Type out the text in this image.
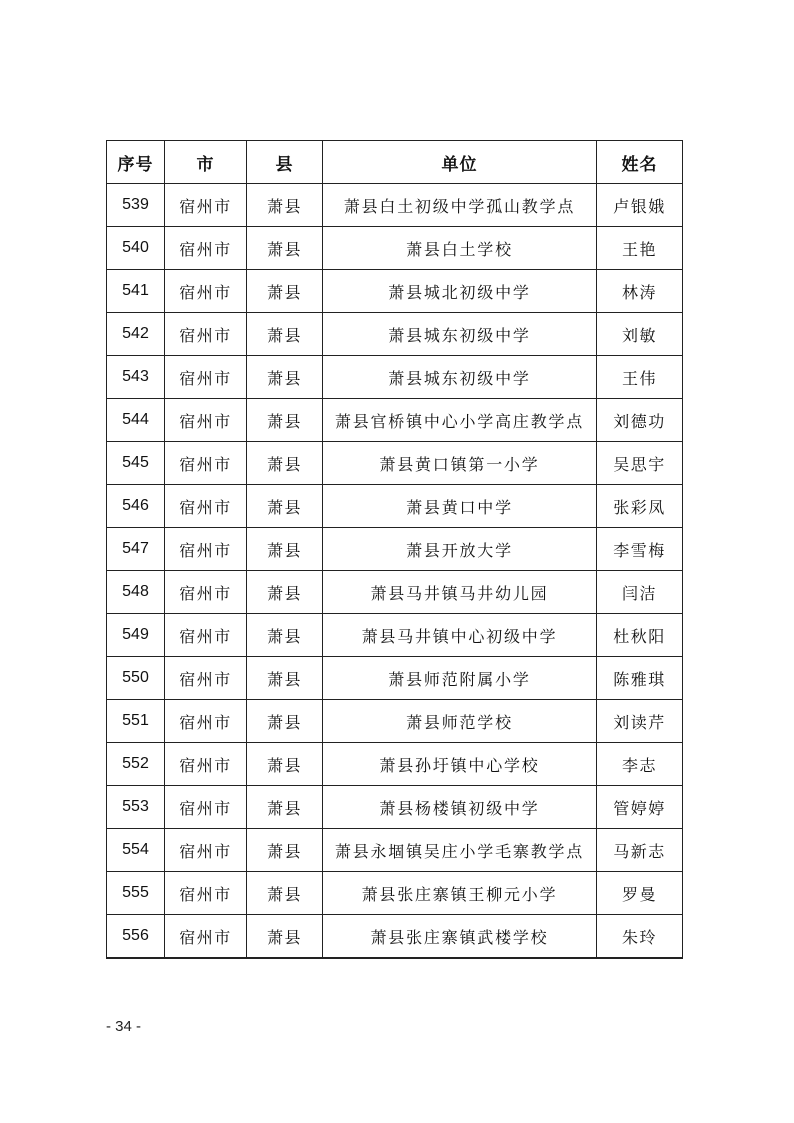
序号	市	县	单位	姓名
539	宿州市	萧县	萧县白土初级中学孤山教学点	卢银娥
540	宿州市	萧县	萧县白土学校	王艳
541	宿州市	萧县	萧县城北初级中学	林涛
542	宿州市	萧县	萧县城东初级中学	刘敏
543	宿州市	萧县	萧县城东初级中学	王伟
544	宿州市	萧县	萧县官桥镇中心小学高庄教学点	刘德功
545	宿州市	萧县	萧县黄口镇第一小学	吴思宇
546	宿州市	萧县	萧县黄口中学	张彩凤
547	宿州市	萧县	萧县开放大学	李雪梅
548	宿州市	萧县	萧县马井镇马井幼儿园	闫洁
549	宿州市	萧县	萧县马井镇中心初级中学	杜秋阳
550	宿州市	萧县	萧县师范附属小学	陈雅琪
551	宿州市	萧县	萧县师范学校	刘读芹
552	宿州市	萧县	萧县孙圩镇中心学校	李志
553	宿州市	萧县	萧县杨楼镇初级中学	管婷婷
554	宿州市	萧县	萧县永堌镇吴庄小学毛寨教学点	马新志
555	宿州市	萧县	萧县张庄寨镇王柳元小学	罗曼
556	宿州市	萧县	萧县张庄寨镇武楼学校	朱玲
- 34 -
